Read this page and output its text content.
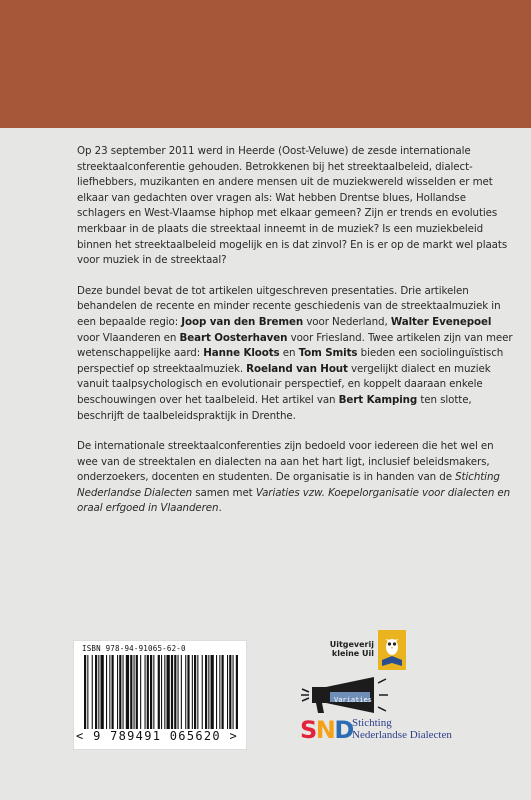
Op 23 september 2011 werd in Heerde (Oost-Veluwe) de zesde internationale streektaalconferentie gehouden. Betrokkenen bij het streektaalbeleid, dialect-liefhebbers, muzikanten en andere mensen uit de muziekwereld wisselden er met elkaar van gedachten over vragen als: Wat hebben Drentse blues, Hollandse schlagers en West-Vlaamse hiphop met elkaar gemeen? Zijn er trends en evoluties merkbaar in de plaats die streektaal inneemt in de muziek? Is een muziekbeleid binnen het streektaalbeleid mogelijk en is dat zinvol? En is er op de markt wel plaats voor muziek in de streektaal?

Deze bundel bevat de tot artikelen uitgeschreven presentaties. Drie artikelen behandelen de recente en minder recente geschiedenis van de streektaalmuziek in een bepaalde regio: Joop van den Bremen voor Nederland, Walter Evenepoel voor Vlaanderen en Beart Oosterhaven voor Friesland. Twee artikelen zijn van meer wetenschappelijke aard: Hanne Kloots en Tom Smits bieden een sociolinguïstisch perspectief op streektaalmuziek. Roeland van Hout vergelijkt dialect en muziek vanuit taalpsychologisch en evolutionair perspectief, en koppelt daaraan enkele beschouwingen over het taalbeleid. Het artikel van Bert Kamping ten slotte, beschrijft de taalbeleidspraktijk in Drenthe.

De internationale streektaalconferenties zijn bedoeld voor iedereen die het wel en wee van de streektalen en dialecten na aan het hart ligt, inclusief beleidsmakers, onderzoekers, docenten en studenten. De organisatie is in handen van de Stichting Nederlandse Dialecten samen met Variaties vzw. Koepelorganisatie voor dialecten en oraal erfgoed in Vlaanderen.

ISBN 978-94-91065-62-0
< 9 789491 065620 >
Uitgeverij
kleine Uil
Variaties
SND Stichting
Nederlandse Dialecten
